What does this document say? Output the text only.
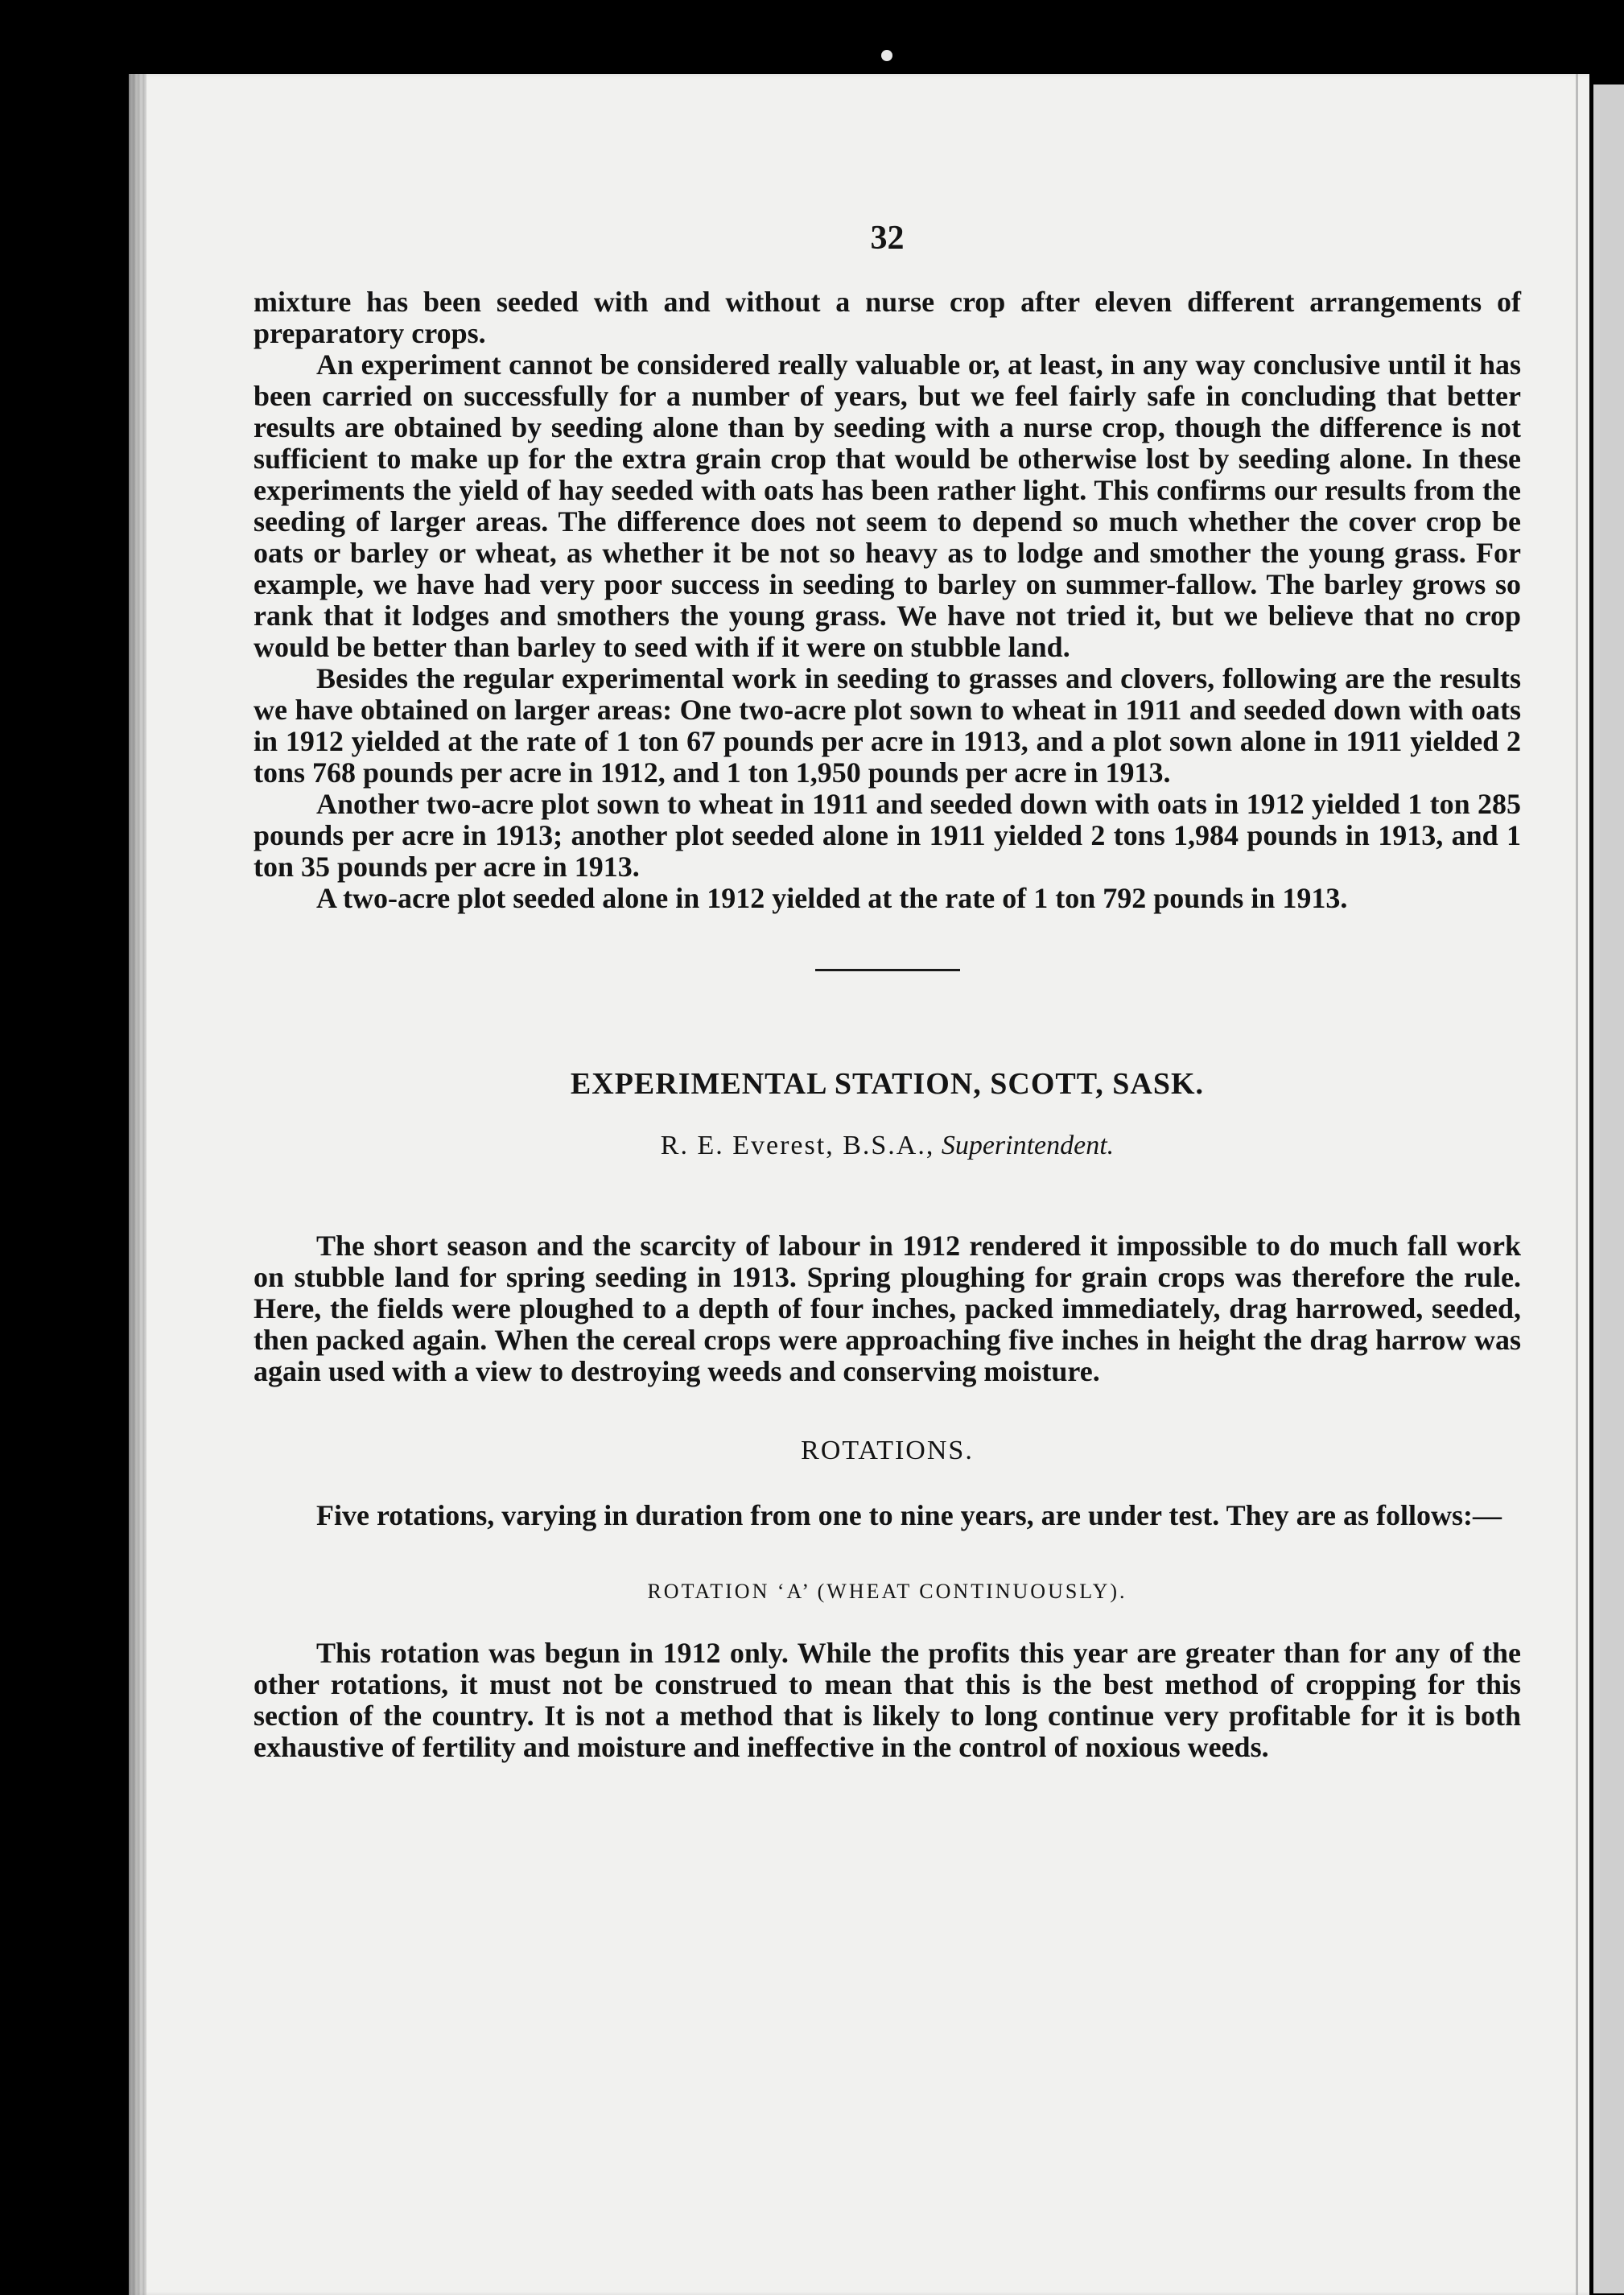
32

mixture has been seeded with and without a nurse crop after eleven different arrangements of preparatory crops.

An experiment cannot be considered really valuable or, at least, in any way conclusive until it has been carried on successfully for a number of years, but we feel fairly safe in concluding that better results are obtained by seeding alone than by seeding with a nurse crop, though the difference is not sufficient to make up for the extra grain crop that would be otherwise lost by seeding alone. In these experiments the yield of hay seeded with oats has been rather light. This confirms our results from the seeding of larger areas. The difference does not seem to depend so much whether the cover crop be oats or barley or wheat, as whether it be not so heavy as to lodge and smother the young grass. For example, we have had very poor success in seeding to barley on summer-fallow. The barley grows so rank that it lodges and smothers the young grass. We have not tried it, but we believe that no crop would be better than barley to seed with if it were on stubble land.

Besides the regular experimental work in seeding to grasses and clovers, following are the results we have obtained on larger areas: One two-acre plot sown to wheat in 1911 and seeded down with oats in 1912 yielded at the rate of 1 ton 67 pounds per acre in 1913, and a plot sown alone in 1911 yielded 2 tons 768 pounds per acre in 1912, and 1 ton 1,950 pounds per acre in 1913.

Another two-acre plot sown to wheat in 1911 and seeded down with oats in 1912 yielded 1 ton 285 pounds per acre in 1913; another plot seeded alone in 1911 yielded 2 tons 1,984 pounds in 1913, and 1 ton 35 pounds per acre in 1913.

A two-acre plot seeded alone in 1912 yielded at the rate of 1 ton 792 pounds in 1913.

EXPERIMENTAL STATION, SCOTT, SASK.
R. E. Everest, B.S.A., Superintendent.

The short season and the scarcity of labour in 1912 rendered it impossible to do much fall work on stubble land for spring seeding in 1913. Spring ploughing for grain crops was therefore the rule. Here, the fields were ploughed to a depth of four inches, packed immediately, drag harrowed, seeded, then packed again. When the cereal crops were approaching five inches in height the drag harrow was again used with a view to destroying weeds and conserving moisture.

ROTATIONS.

Five rotations, varying in duration from one to nine years, are under test. They are as follows:—

ROTATION ‘A’ (WHEAT CONTINUOUSLY).

This rotation was begun in 1912 only. While the profits this year are greater than for any of the other rotations, it must not be construed to mean that this is the best method of cropping for this section of the country. It is not a method that is likely to long continue very profitable for it is both exhaustive of fertility and moisture and ineffective in the control of noxious weeds.
